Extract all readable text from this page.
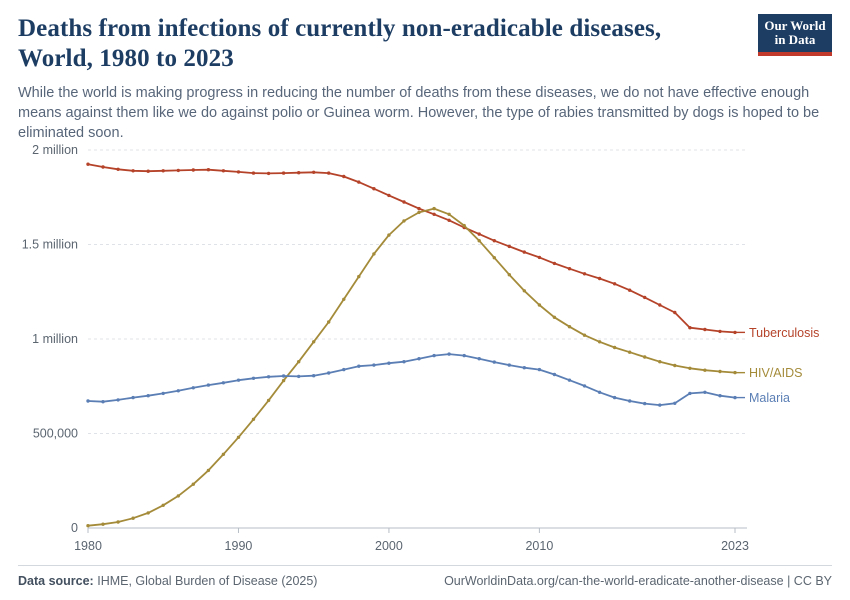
Deaths from infections of currently non-eradicable diseases, World, 1980 to 2023

While the world is making progress in reducing the number of deaths from these diseases, we do not have effective enough means against them like we do against polio or Guinea worm. However, the type of rabies transmitted by dogs is hoped to be eliminated soon.

Our World
in Data
0
500,000
1 million
1.5 million
2 million
1980	1990	2000	2010	2023
Tuberculosis
HIV/AIDS
Malaria
Data source: IHME, Global Burden of Disease (2025)	OurWorldinData.org/can-the-world-eradicate-another-disease | CC BY
